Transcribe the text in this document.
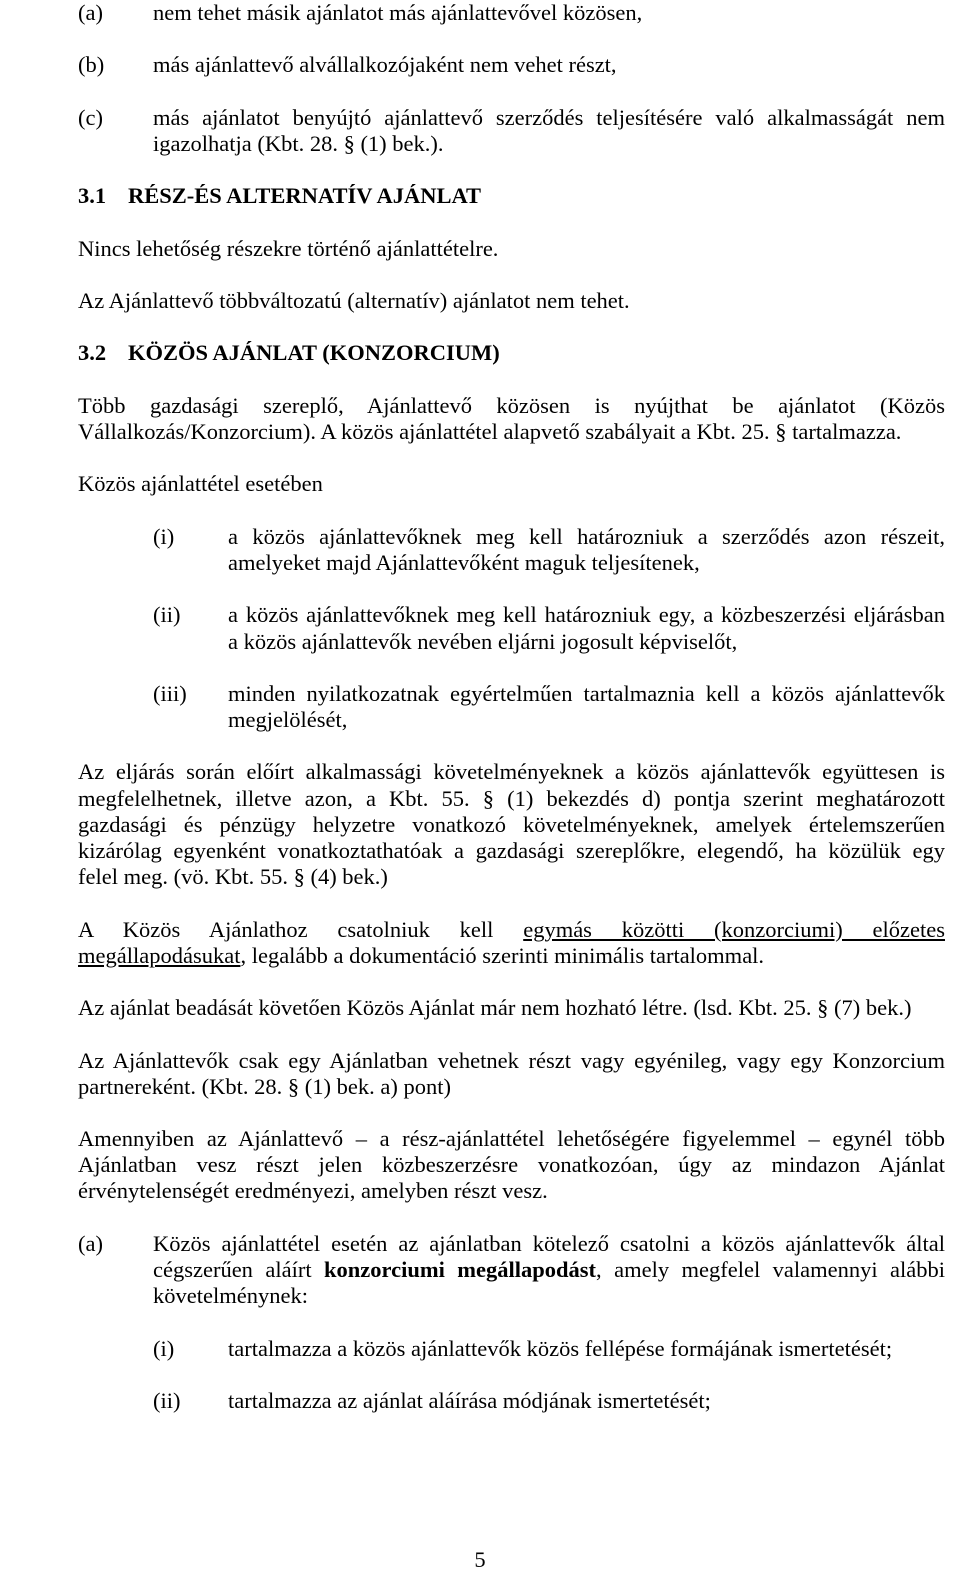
(a)	nem tehet másik ajánlatot más ajánlattevővel közösen,
(b)	más ajánlattevő alvállalkozójaként nem vehet részt,
(c)	más ajánlatot benyújtó ajánlattevő szerződés teljesítésére való alkalmasságát nem
igazolhatja (Kbt. 28. § (1) bek.).
3.1 RÉSZ-ÉS ALTERNATÍV AJÁNLAT
Nincs lehetőség részekre történő ajánlattételre.
Az Ajánlattevő többváltozatú (alternatív) ajánlatot nem tehet.
3.2 KÖZÖS AJÁNLAT (KONZORCIUM)
Több gazdasági szereplő, Ajánlattevő közösen is nyújthat be ajánlatot (Közös
Vállalkozás/Konzorcium). A közös ajánlattétel alapvető szabályait a Kbt. 25. § tartalmazza.
Közös ajánlattétel esetében
(i)	a közös ajánlattevőknek meg kell határozniuk a szerződés azon részeit,
amelyeket majd Ajánlattevőként maguk teljesítenek,
(ii)	a közös ajánlattevőknek meg kell határozniuk egy, a közbeszerzési eljárásban
a közös ajánlattevők nevében eljárni jogosult képviselőt,
(iii)	minden nyilatkozatnak egyértelműen tartalmaznia kell a közös ajánlattevők
megjelölését,
Az eljárás során előírt alkalmassági követelményeknek a közös ajánlattevők együttesen is
megfelelhetnek, illetve azon, a Kbt. 55. § (1) bekezdés d) pontja szerint meghatározott
gazdasági és pénzügy helyzetre vonatkozó követelményeknek, amelyek értelemszerűen
kizárólag egyenként vonatkoztathatóak a gazdasági szereplőkre, elegendő, ha közülük egy
felel meg. (vö. Kbt. 55. § (4) bek.)
A Közös Ajánlathoz csatolniuk kell egymás közötti (konzorciumi) előzetes
megállapodásukat, legalább a dokumentáció szerinti minimális tartalommal.
Az ajánlat beadását követően Közös Ajánlat már nem hozható létre. (lsd. Kbt. 25. § (7) bek.)
Az Ajánlattevők csak egy Ajánlatban vehetnek részt vagy egyénileg, vagy egy Konzorcium
partnereként. (Kbt. 28. § (1) bek. a) pont)
Amennyiben az Ajánlattevő – a rész-ajánlattétel lehetőségére figyelemmel – egynél több
Ajánlatban vesz részt jelen közbeszerzésre vonatkozóan, úgy az mindazon Ajánlat
érvénytelenségét eredményezi, amelyben részt vesz.
(a)	Közös ajánlattétel esetén az ajánlatban kötelező csatolni a közös ajánlattevők által
cégszerűen aláírt konzorciumi megállapodást, amely megfelel valamennyi alábbi
követelménynek:
(i)	tartalmazza a közös ajánlattevők közös fellépése formájának ismertetését;
(ii)	tartalmazza az ajánlat aláírása módjának ismertetését;
5
